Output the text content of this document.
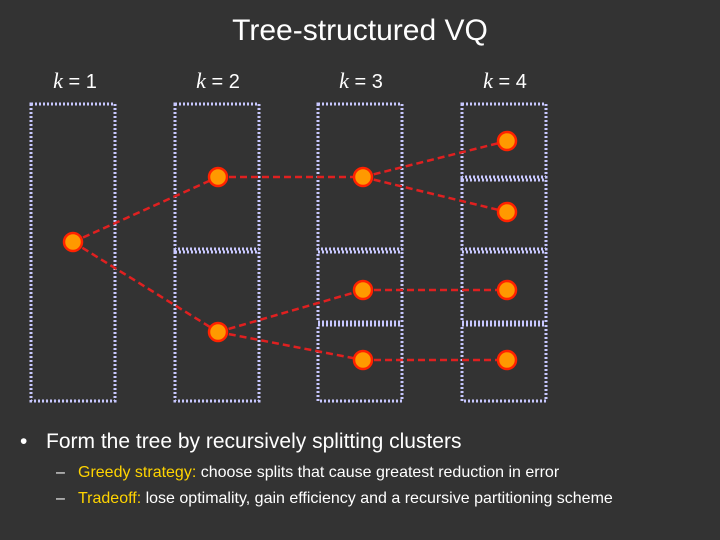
Tree-structured VQ
k = 1	k = 2	k = 3	k = 4
• Form the tree by recursively splitting clusters
– Greedy strategy: choose splits that cause greatest reduction in error
– Tradeoff: lose optimality, gain efficiency and a recursive partitioning scheme
